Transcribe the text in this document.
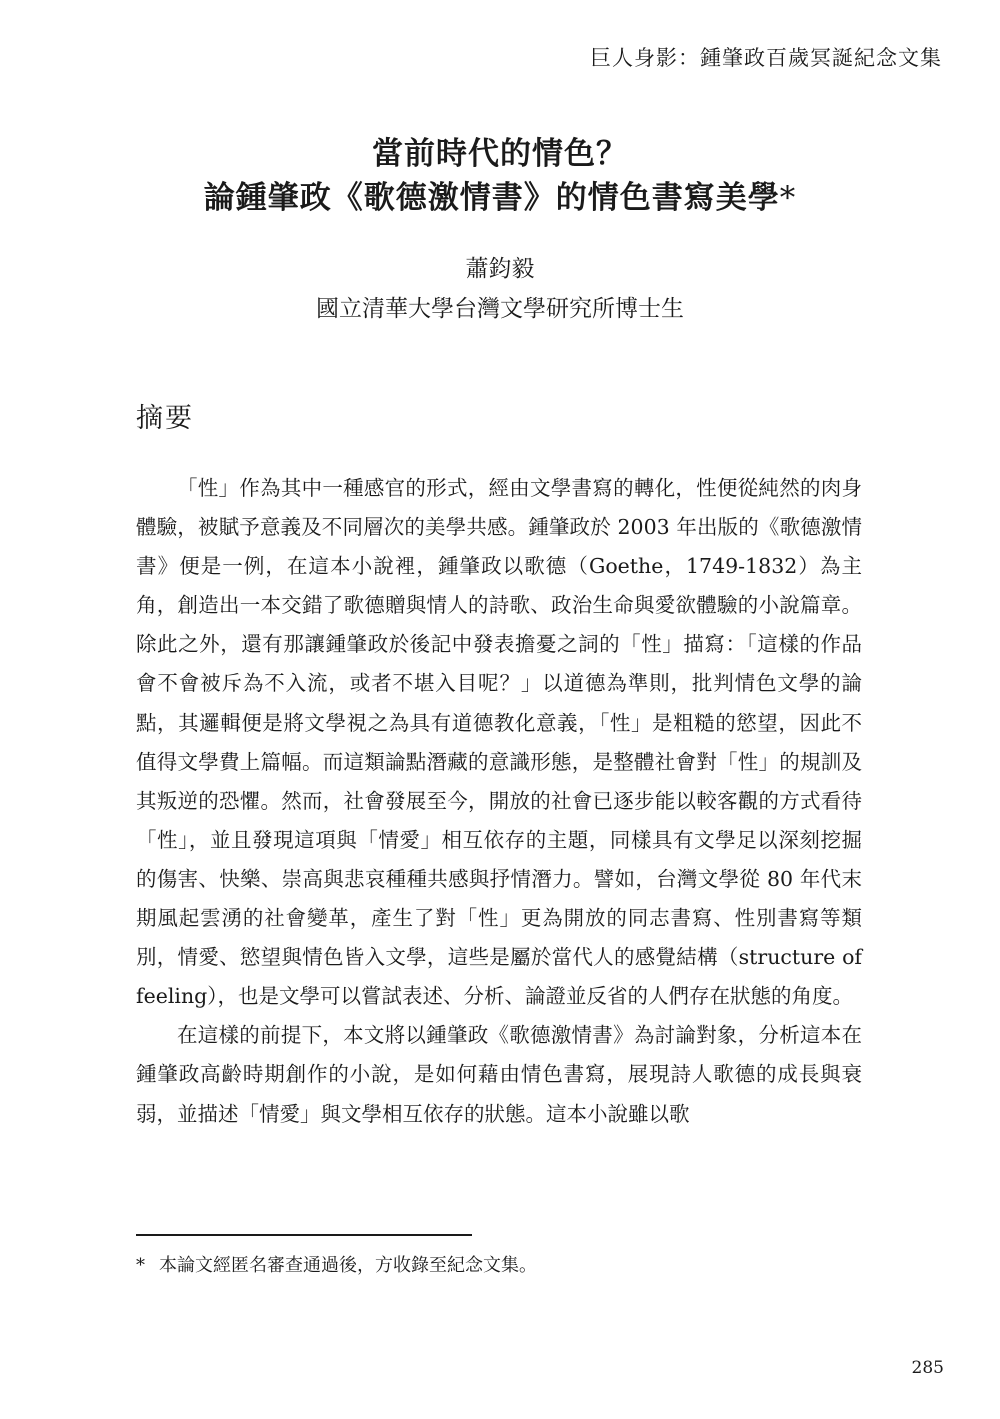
巨人身影：鍾肇政百歲冥誕紀念文集
當前時代的情色？
論鍾肇政《歌德激情書》的情色書寫美學*
蕭鈞毅
國立清華大學台灣文學研究所博士生
摘要

「性」作為其中一種感官的形式，經由文學書寫的轉化，性便從純然的肉身體驗，被賦予意義及不同層次的美學共感。鍾肇政於 2003 年出版的《歌德激情書》便是一例，在這本小說裡，鍾肇政以歌德（Goethe，1749-1832）為主角，創造出一本交錯了歌德贈與情人的詩歌、政治生命與愛欲體驗的小說篇章。除此之外，還有那讓鍾肇政於後記中發表擔憂之詞的「性」描寫：「這樣的作品會不會被斥為不入流，或者不堪入目呢？」以道德為準則，批判情色文學的論點，其邏輯便是將文學視之為具有道德教化意義，「性」是粗糙的慾望，因此不值得文學費上篇幅。而這類論點潛藏的意識形態，是整體社會對「性」的規訓及其叛逆的恐懼。然而，社會發展至今，開放的社會已逐步能以較客觀的方式看待「性」，並且發現這項與「情愛」相互依存的主題，同樣具有文學足以深刻挖掘的傷害、快樂、崇高與悲哀種種共感與抒情潛力。譬如，台灣文學從 80 年代末期風起雲湧的社會變革，產生了對「性」更為開放的同志書寫、性別書寫等類別，情愛、慾望與情色皆入文學，這些是屬於當代人的感覺結構（structure of feeling），也是文學可以嘗試表述、分析、論證並反省的人們存在狀態的角度。

在這樣的前提下，本文將以鍾肇政《歌德激情書》為討論對象，分析這本在鍾肇政高齡時期創作的小說，是如何藉由情色書寫，展現詩人歌德的成長與衰弱，並描述「情愛」與文學相互依存的狀態。這本小說雖以歌

* 本論文經匿名審查通過後，方收錄至紀念文集。
285
